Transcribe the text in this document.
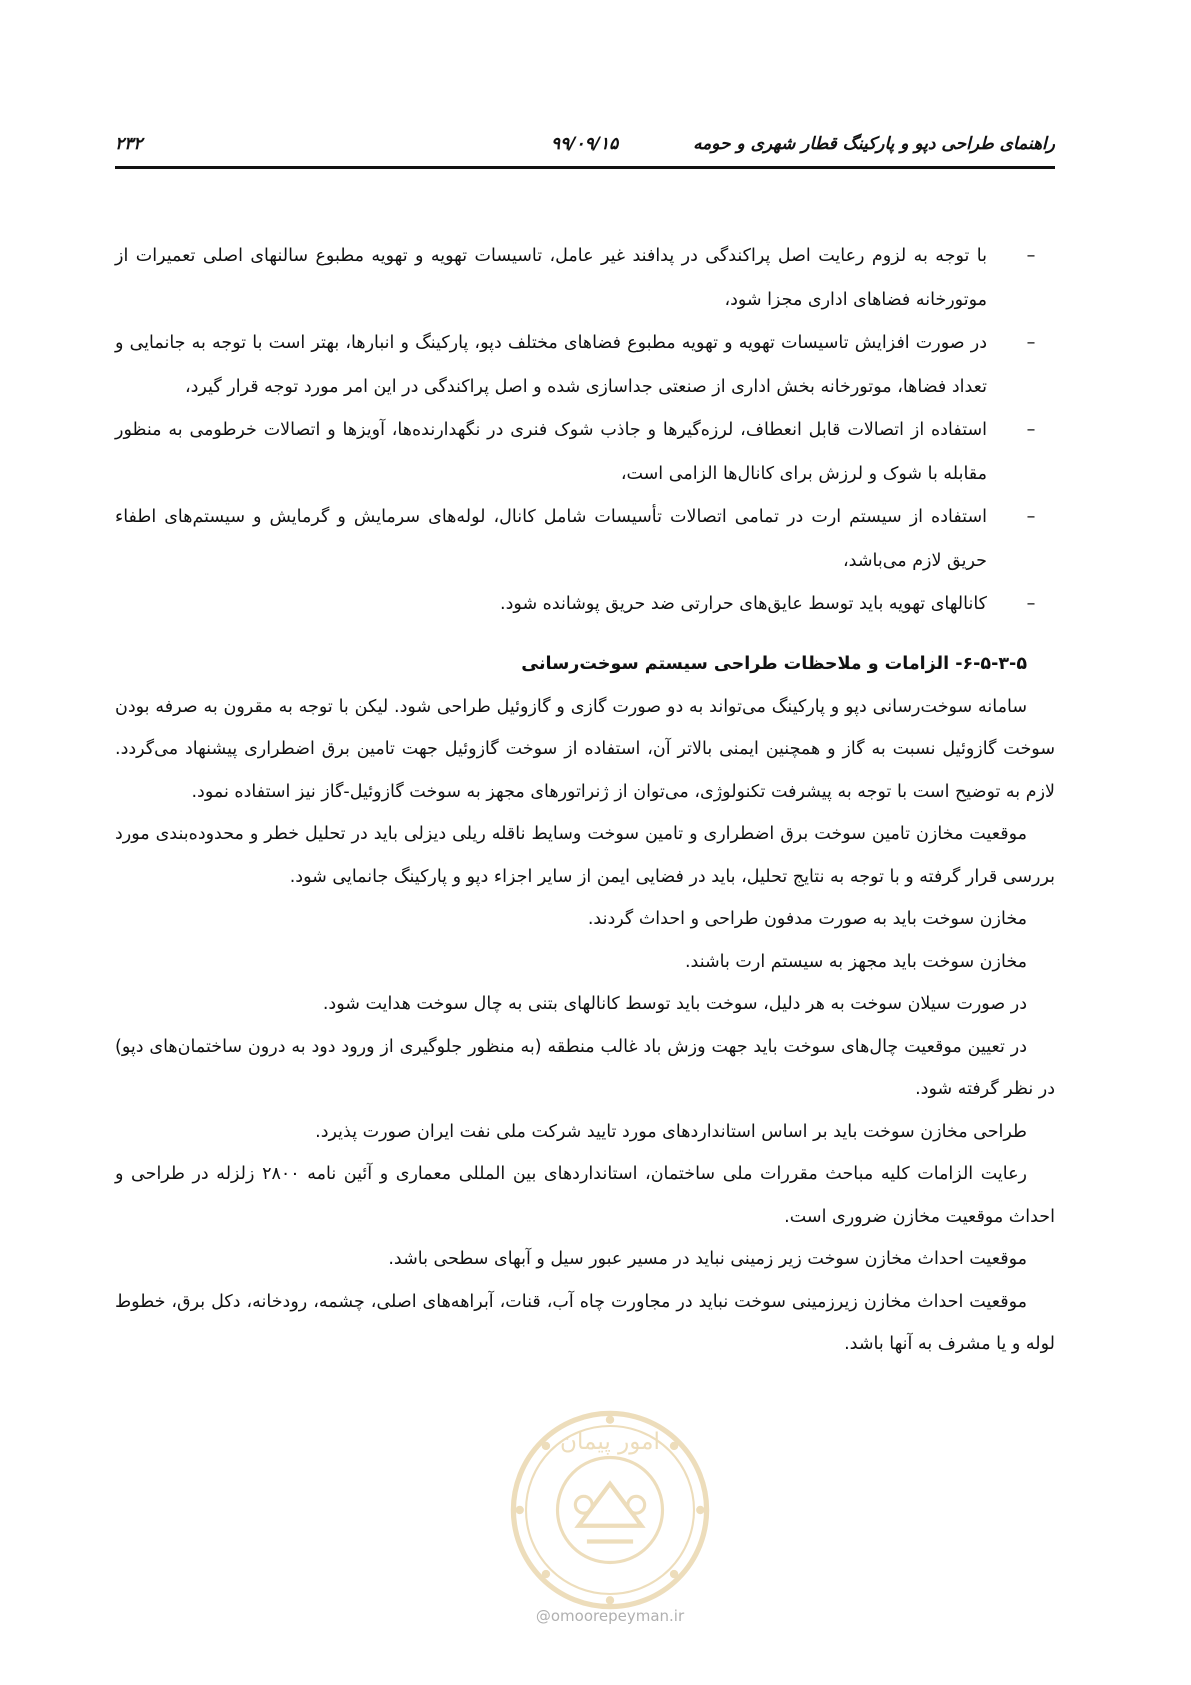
۲۳۲	۹۹/۰۹/۱۵	راهنمای طراحی دپو و پارکینگ قطار شهری و حومه
–
با توجه به لزوم رعایت اصل پراکندگی در پدافند غیر عامل، تاسیسات تهویه و تهویه مطبوع سالنهای اصلی تعمیرات از موتورخانه فضاهای اداری مجزا شود،
–
در صورت افزایش تاسیسات تهویه و تهویه مطبوع فضاهای مختلف دپو، پارکینگ و انبارها، بهتر است با توجه به جانمایی و تعداد فضاها، موتورخانه بخش اداری از صنعتی جداسازی شده و اصل پراکندگی در این امر مورد توجه قرار گیرد،
–
استفاده از اتصالات قابل انعطاف، لرزه‌گیرها و جاذب شوک فنری در نگهدارنده‌ها، آویزها و اتصالات خرطومی به منظور مقابله با شوک و لرزش برای کانال‌ها الزامی است،
–
استفاده از سیستم ارت در تمامی اتصالات تأسیسات شامل کانال، لوله‌های سرمایش و گرمایش و سیستم‌های اطفاء حریق لازم می‌باشد،
–
کانالهای تهویه باید توسط عایق‌های حرارتی ضد حریق پوشانده شود.
۶-۵-۳-۵- الزامات و ملاحظات طراحی سیستم سوخت‌رسانی

سامانه سوخت‌رسانی دپو و پارکینگ می‌تواند به دو صورت گازی و گازوئیل طراحی شود. لیکن با توجه به مقرون به صرفه بودن سوخت گازوئیل نسبت به گاز و همچنین ایمنی بالاتر آن، استفاده از سوخت گازوئیل جهت تامین برق اضطراری پیشنهاد می‌گردد. لازم به توضیح است با توجه به پیشرفت تکنولوژی، می‌توان از ژنراتورهای مجهز به سوخت گازوئیل-گاز نیز استفاده نمود.

موقعیت مخازن تامین سوخت برق اضطراری و تامین سوخت وسایط ناقله ریلی دیزلی باید در تحلیل خطر و محدوده‌بندی مورد بررسی قرار گرفته و با توجه به نتایج تحلیل، باید در فضایی ایمن از سایر اجزاء دپو و پارکینگ جانمایی شود.

مخازن سوخت باید به صورت مدفون طراحی و احداث گردند.

مخازن سوخت باید مجهز به سیستم ارت باشند.

در صورت سیلان سوخت به هر دلیل، سوخت باید توسط کانالهای بتنی به چال سوخت هدایت شود.

در تعیین موقعیت چال‌های سوخت باید جهت وزش باد غالب منطقه (به منظور جلوگیری از ورود دود به درون ساختمان‌های دپو) در نظر گرفته شود.

طراحی مخازن سوخت باید بر اساس استانداردهای مورد تایید شرکت ملی نفت ایران صورت پذیرد.

رعایت الزامات کلیه مباحث مقررات ملی ساختمان، استانداردهای بین المللی معماری و آئین نامه ۲۸۰۰ زلزله در طراحی و احداث موقعیت مخازن ضروری است.

موقعیت احداث مخازن سوخت زیر زمینی نباید در مسیر عبور سیل و آبهای سطحی باشد.

موقعیت احداث مخازن زیرزمینی سوخت نباید در مجاورت چاه آب، قنات، آبراهه‌های اصلی، چشمه، رودخانه، دکل برق، خطوط لوله و یا مشرف به آنها باشد.

امور پیمان
@omoorepeyman.ir
